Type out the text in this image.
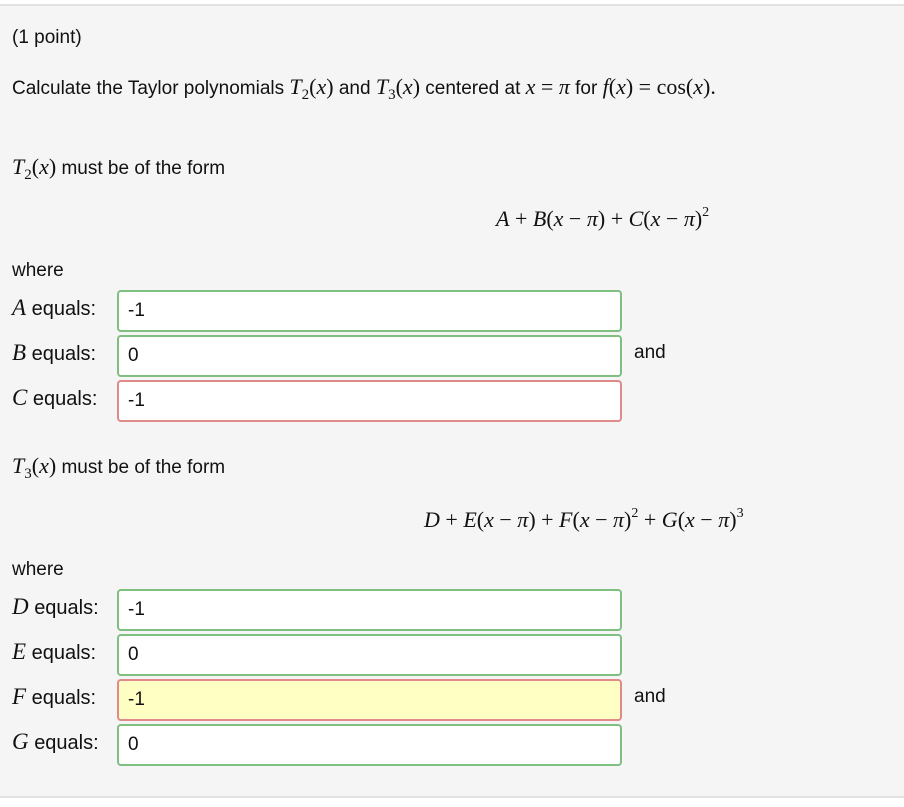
(1 point)
Calculate the Taylor polynomials $T_2(x)$ and $T_3(x)$ centered at x = π for f(x) = cos(x).
$T_2(x)$ must be of the form
$A + B(x - \pi) + C(x - \pi)^2$
where
A equals:
-1
B equals:
0	and
C equals:
-1
$T_3(x)$ must be of the form
$D + E(x - \pi) + F(x - \pi)^2 + G(x - \pi)^3$
where
D equals:
-1
E equals:
0
F equals:
-1	and
G equals:
0
